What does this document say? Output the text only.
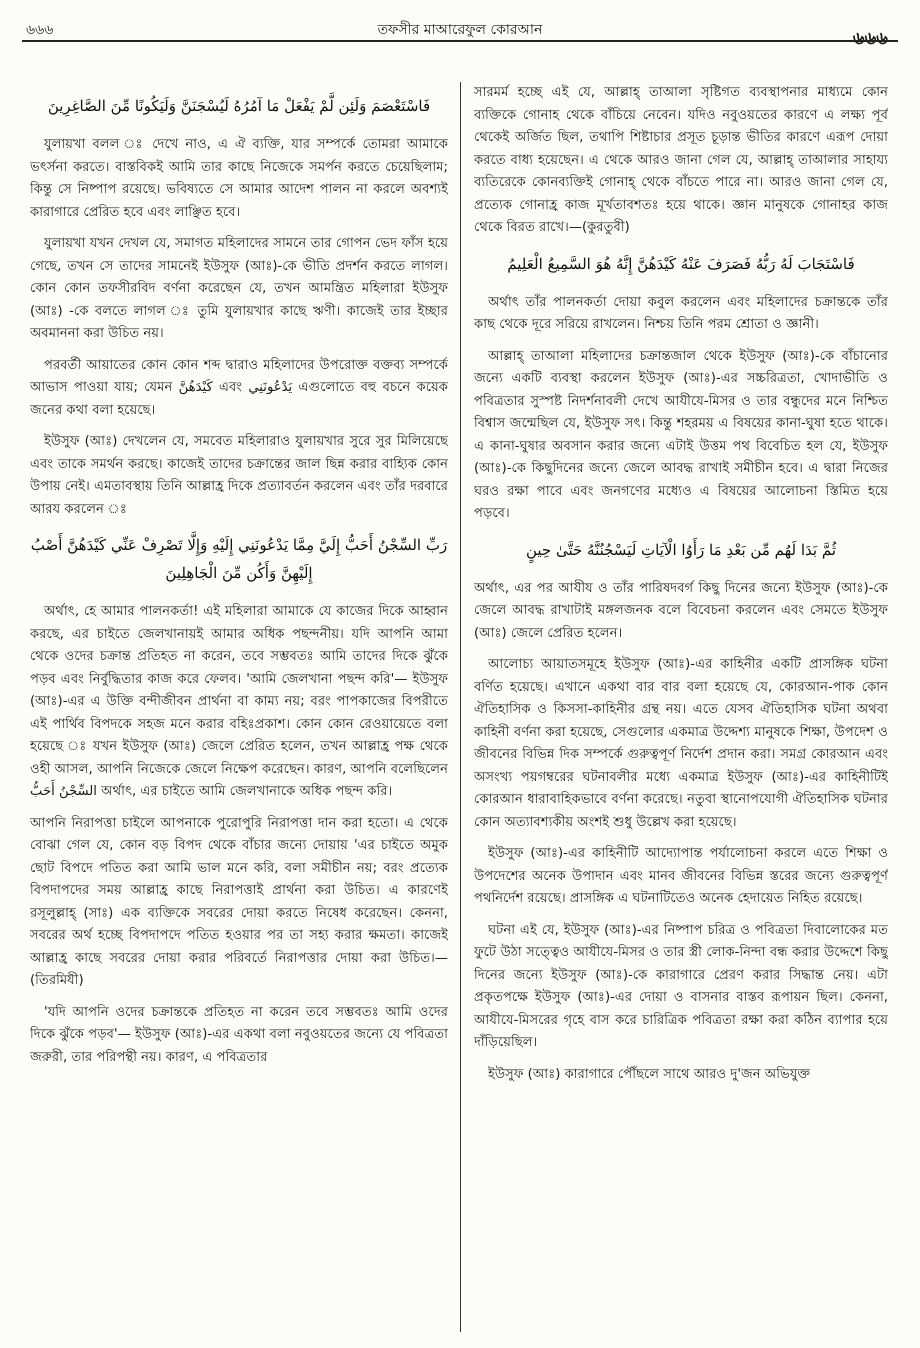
৬৬৬	তফসীর মাআরেফুল কোরআন	৬৬৬
فَاسْتَعْصَمَ وَلَئِن لَّمْ يَفْعَلْ مَا آمُرُهُ لَيُسْجَنَنَّ وَلَيَكُونًا مِّنَ الصَّاغِرِينَ

যুলায়খা বলল ঃ দেখে নাও, এ ঐ ব্যক্তি, যার সম্পর্কে তোমরা আমাকে ভৎর্সনা করতে। বাস্তবিকই আমি তার কাছে নিজেকে সমর্পন করতে চেয়েছিলাম; কিন্তু সে নিষ্পাপ রয়েছে। ভবিষ্যতে সে আমার আদেশ পালন না করলে অবশ্যই কারাগারে প্রেরিত হবে এবং লাঞ্ছিত হবে।

যুলায়খা যখন দেখল যে, সমাগত মহিলাদের সামনে তার গোপন ভেদ ফাঁস হয়ে গেছে, তখন সে তাদের সামনেই ইউসুফ (আঃ)-কে ভীতি প্রদর্শন করতে লাগল। কোন কোন তফসীরবিদ বর্ণনা করেছেন যে, তখন আমন্ত্রিত মহিলারা ইউসুফ (আঃ) -কে বলতে লাগল ঃ তুমি যুলায়খার কাছে ঋণী। কাজেই তার ইচ্ছার অবমাননা করা উচিত নয়।

পরবর্তী আয়াতের কোন কোন শব্দ দ্বারাও মহিলাদের উপরোক্ত বক্তব্য সম্পর্কে আভাস পাওয়া যায়; যেমন كَيْدَهُنَّ এবং يَدْعُونَنِي এগুলোতে বহু বচনে কয়েক জনের কথা বলা হয়েছে।

ইউসুফ (আঃ) দেখলেন যে, সমবেত মহিলারাও যুলায়খার সুরে সুর মিলিয়েছে এবং তাকে সমর্থন করছে। কাজেই তাদের চক্রান্তের জাল ছিন্ন করার বাহ্যিক কোন উপায় নেই। এমতাবস্থায় তিনি আল্লাহ্র দিকে প্রত্যাবর্তন করলেন এবং তাঁর দরবারে আরয করলেন ঃ

رَبِّ السِّجْنُ أَحَبُّ إِلَيَّ مِمَّا يَدْعُونَنِي إِلَيْهِ وَإِلَّا تَصْرِفْ عَنِّي كَيْدَهُنَّ أَصْبُ إِلَيْهِنَّ وَأَكُن مِّنَ الْجَاهِلِينَ

অর্থাৎ, হে আমার পালনকর্তা! এই মহিলারা আমাকে যে কাজের দিকে আহ্বান করছে, এর চাইতে জেলখানায়ই আমার অধিক পছন্দনীয়। যদি আপনি আমা থেকে ওদের চক্রান্ত প্রতিহত না করেন, তবে সম্ভবতঃ আমি তাদের দিকে ঝুঁকে পড়ব এবং নির্বুদ্ধিতার কাজ করে ফেলব। 'আমি জেলখানা পছন্দ করি'— ইউসুফ (আঃ)-এর এ উক্তি বন্দীজীবন প্রার্থনা বা কাম্য নয়; বরং পাপকাজের বিপরীতে এই পার্থিব বিপদকে সহজ মনে করার বহিঃপ্রকাশ। কোন কোন রেওয়ায়েতে বলা হয়েছে ঃ যখন ইউসুফ (আঃ) জেলে প্রেরিত হলেন, তখন আল্লাহ্র পক্ষ থেকে ওহী আসল, আপনি নিজেকে জেলে নিক্ষেপ করেছেন। কারণ, আপনি বলেছিলেন السِّجْنُ أَحَبُّ অর্থাৎ, এর চাইতে আমি জেলখানাকে অধিক পছন্দ করি।

আপনি নিরাপত্তা চাইলে আপনাকে পুরোপুরি নিরাপত্তা দান করা হতো। এ থেকে বোঝা গেল যে, কোন বড় বিপদ থেকে বাঁচার জন্যে দোয়ায় 'এর চাইতে অমুক ছোট বিপদে পতিত করা আমি ভাল মনে করি, বলা সমীচীন নয়; বরং প্রত্যেক বিপদাপদের সময় আল্লাহ্র কাছে নিরাপত্তাই প্রার্থনা করা উচিত। এ কারণেই রসূলুল্লাহ্ (সাঃ) এক ব্যক্তিকে সবরের দোয়া করতে নিষেধ করেছেন। কেননা, সবরের অর্থ হচ্ছে বিপদাপদে পতিত হওয়ার পর তা সহ্য করার ক্ষমতা। কাজেই আল্লাহ্র কাছে সবরের দোয়া করার পরিবর্তে নিরাপত্তার দোয়া করা উচিত।—(তিরমিযী)

'যদি আপনি ওদের চক্রান্তকে প্রতিহত না করেন তবে সম্ভবতঃ আমি ওদের দিকে ঝুঁকে পড়ব'— ইউসুফ (আঃ)-এর একথা বলা নবুওয়তের জন্যে যে পবিত্রতা জরুরী, তার পরিপন্থী নয়। কারণ, এ পবিত্রতার

সারমর্ম হচ্ছে এই যে, আল্লাহ্ তাআলা সৃষ্টিগত ব্যবস্থাপনার মাধ্যমে কোন ব্যক্তিকে গোনাহ থেকে বাঁচিয়ে নেবেন। যদিও নবুওয়তের কারণে এ লক্ষ্য পূর্ব থেকেই অর্জিত ছিল, তথাপি শিষ্টাচার প্রসূত চূড়ান্ত ভীতির কারণে এরূপ দোয়া করতে বাধ্য হয়েছেন। এ থেকে আরও জানা গেল যে, আল্লাহ্ তাআলার সাহায্য ব্যতিরেকে কোনব্যক্তিই গোনাহ্ থেকে বাঁচতে পারে না। আরও জানা গেল যে, প্রত্যেক গোনাহ্র কাজ মূর্খতাবশতঃ হয়ে থাকে। জ্ঞান মানুষকে গোনাহর কাজ থেকে বিরত রাখে।—(কুরতুবী)

فَاسْتَجَابَ لَهُ رَبُّهُ فَصَرَفَ عَنْهُ كَيْدَهُنَّ إِنَّهُ هُوَ السَّمِيعُ الْعَلِيمُ

অর্থাৎ তাঁর পালনকর্তা দোয়া কবুল করলেন এবং মহিলাদের চক্রান্তকে তাঁর কাছ থেকে দূরে সরিয়ে রাখলেন। নিশ্চয় তিনি পরম শ্রোতা ও জ্ঞানী।

আল্লাহ্ তাআলা মহিলাদের চক্রান্তজাল থেকে ইউসুফ (আঃ)-কে বাঁচানোর জন্যে একটি ব্যবস্থা করলেন ইউসুফ (আঃ)-এর সচ্চরিত্রতা, খোদাভীতি ও পবিত্রতার সুস্পষ্ট নিদর্শনাবলী দেখে আযীযে-মিসর ও তার বন্ধুদের মনে নিশ্চিত বিশ্বাস জন্মেছিল যে, ইউসুফ সৎ। কিন্তু শহরময় এ বিষয়ের কানা-ঘুষা হতে থাকে। এ কানা-ঘুষার অবসান করার জন্যে এটাই উত্তম পথ বিবেচিত হল যে, ইউসুফ (আঃ)-কে কিছুদিনের জন্যে জেলে আবদ্ধ রাখাই সমীচীন হবে। এ দ্বারা নিজের ঘরও রক্ষা পাবে এবং জনগণের মধ্যেও এ বিষয়ের আলোচনা স্তিমিত হয়ে পড়বে।

ثُمَّ بَدَا لَهُم مِّن بَعْدِ مَا رَأَوُا الْآيَاتِ لَيَسْجُنُنَّهُ حَتَّىٰ حِينٍ

অর্থাৎ, এর পর আযীয ও তাঁর পারিষদবর্গ কিছু দিনের জন্যে ইউসুফ (আঃ)-কে জেলে আবদ্ধ রাখাটাই মঙ্গলজনক বলে বিবেচনা করলেন এবং সেমতে ইউসুফ (আঃ) জেলে প্রেরিত হলেন।

আলোচ্য আয়াতসমূহে ইউসুফ (আঃ)-এর কাহিনীর একটি প্রাসঙ্গিক ঘটনা বর্ণিত হয়েছে। এখানে একথা বার বার বলা হয়েছে যে, কোরআন-পাক কোন ঐতিহাসিক ও কিসসা-কাহিনীর গ্রন্থ নয়। এতে যেসব ঐতিহাসিক ঘটনা অথবা কাহিনী বর্ণনা করা হয়েছে, সেগুলোর একমাত্র উদ্দেশ্য মানুষকে শিক্ষা, উপদেশ ও জীবনের বিভিন্ন দিক সম্পর্কে গুরুত্বপূর্ণ নির্দেশ প্রদান করা। সমগ্র কোরআন এবং অসংখ্য পয়গম্বরের ঘটনাবলীর মধ্যে একমাত্র ইউসুফ (আঃ)-এর কাহিনীটিই কোরআন ধারাবাহিকভাবে বর্ণনা করেছে। নতুবা স্থানোপযোগী ঐতিহাসিক ঘটনার কোন অত্যাবশ্যকীয় অংশই শুধু উল্লেখ করা হয়েছে।

ইউসুফ (আঃ)-এর কাহিনীটি আদ্যোপান্ত পর্যালোচনা করলে এতে শিক্ষা ও উপদেশের অনেক উপাদান এবং মানব জীবনের বিভিন্ন স্তরের জন্যে গুরুত্বপূর্ণ পথনির্দেশ রয়েছে। প্রাসঙ্গিক এ ঘটনাটিতেও অনেক হেদায়েত নিহিত রয়েছে।

ঘটনা এই যে, ইউসুফ (আঃ)-এর নিষ্পাপ চরিত্র ও পবিত্রতা দিবালোকের মত ফুটে উঠা সত্ত্বেও আযীযে-মিসর ও তার স্ত্রী লোক-নিন্দা বন্ধ করার উদ্দেশে কিছু দিনের জন্যে ইউসুফ (আঃ)-কে কারাগারে প্রেরণ করার সিদ্ধান্ত নেয়। এটা প্রকৃতপক্ষে ইউসুফ (আঃ)-এর দোয়া ও বাসনার বাস্তব রূপায়ন ছিল। কেননা, আযীযে-মিসরের গৃহে বাস করে চারিত্রিক পবিত্রতা রক্ষা করা কঠিন ব্যাপার হয়ে দাঁড়িয়েছিল।

ইউসুফ (আঃ) কারাগারে পৌঁছলে সাথে আরও দু'জন অভিযুক্ত
